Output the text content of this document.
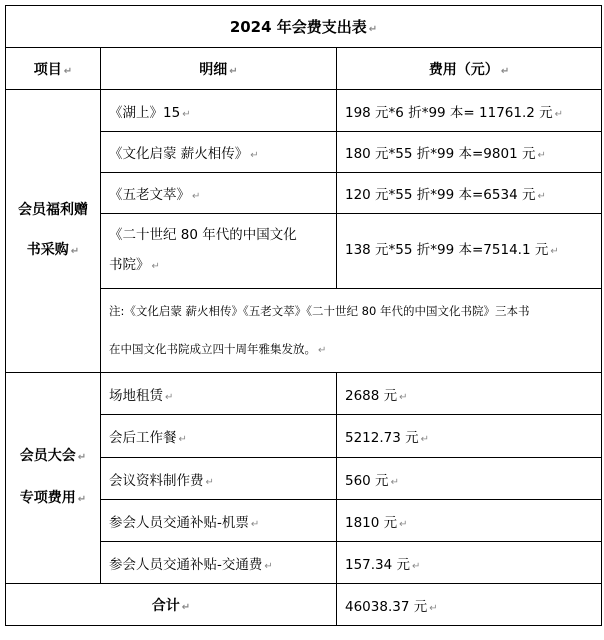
2024 年会费支出表 ↵		
项目 ↵	明细 ↵	费用（元） ↵
会员福利赠
书采购 ↵	《湖上》15 ↵	198 元*6 折*99 本= 11761.2 元 ↵
	《文化启蒙 薪火相传》 ↵	180 元*55 折*99 本=9801 元 ↵
	《五老文萃》 ↵	120 元*55 折*99 本=6534 元 ↵
	《二十世纪 80 年代的中国文化
书院》 ↵	138 元*55 折*99 本=7514.1 元 ↵
	注:《文化启蒙 薪火相传》《五老文萃》《二十世纪 80 年代的中国文化书院》三本书
在中国文化书院成立四十周年雅集发放。 ↵	
会员大会 ↵
专项费用 ↵	场地租赁 ↵	2688 元 ↵
	会后工作餐 ↵	5212.73 元 ↵
	会议资料制作费 ↵	560 元 ↵
	参会人员交通补贴-机票 ↵	1810 元 ↵
	参会人员交通补贴-交通费 ↵	157.34 元 ↵
合计 ↵		46038.37 元 ↵
